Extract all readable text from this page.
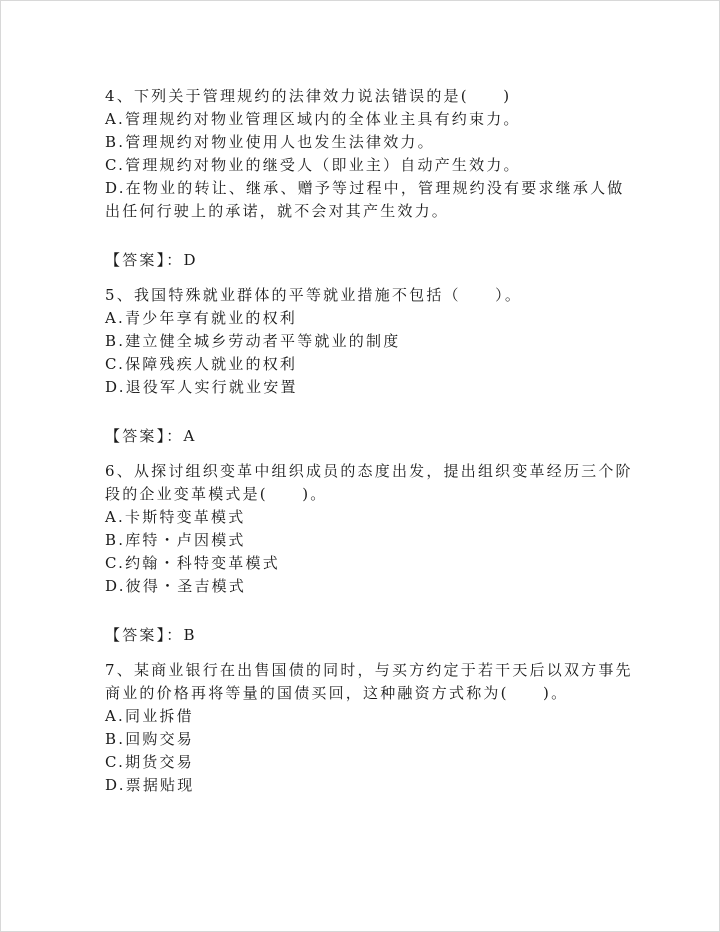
4、下列关于管理规约的法律效力说法错误的是(　　)
A.管理规约对物业管理区域内的全体业主具有约束力。
B.管理规约对物业使用人也发生法律效力。
C.管理规约对物业的继受人（即业主）自动产生效力。
D.在物业的转让、继承、赠予等过程中，管理规约没有要求继承人做
出任何行驶上的承诺，就不会对其产生效力。
【答案】：D
5、我国特殊就业群体的平等就业措施不包括（　　）。
A.青少年享有就业的权利
B.建立健全城乡劳动者平等就业的制度
C.保障残疾人就业的权利
D.退役军人实行就业安置
【答案】：A
6、从探讨组织变革中组织成员的态度出发，提出组织变革经历三个阶
段的企业变革模式是(　　)。
A.卡斯特变革模式
B.库特・卢因模式
C.约翰・科特变革模式
D.彼得・圣吉模式
【答案】：B
7、某商业银行在出售国债的同时，与买方约定于若干天后以双方事先
商业的价格再将等量的国债买回，这种融资方式称为(　　)。
A.同业拆借
B.回购交易
C.期货交易
D.票据贴现
